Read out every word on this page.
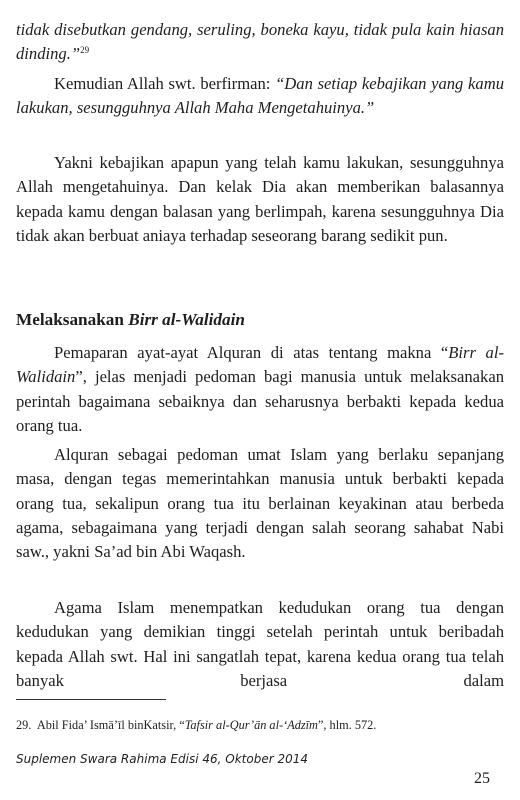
tidak disebutkan gendang, seruling, boneka kayu, tidak pula kain hiasan dinding.”$^{29}$

Kemudian Allah swt. berfirman: “Dan setiap kebajikan yang kamu lakukan, sesungguhnya Allah Maha Mengetahuinya.”

Yakni kebajikan apapun yang telah kamu lakukan, sesungguhnya Allah mengetahuinya. Dan kelak Dia akan memberikan balasannya kepada kamu dengan balasan yang berlimpah, karena sesungguhnya Dia tidak akan berbuat aniaya terhadap seseorang barang sedikit pun.

Melaksanakan Birr al-Walidain

Pemaparan ayat-ayat Alquran di atas tentang makna “Birr al-Walidain”, jelas menjadi pedoman bagi manusia untuk melaksanakan perintah bagaimana sebaiknya dan seharusnya berbakti kepada kedua orang tua.

Alquran sebagai pedoman umat Islam yang berlaku sepanjang masa, dengan tegas memerintahkan manusia untuk berbakti kepada orang tua, sekalipun orang tua itu berlainan keyakinan atau berbeda agama, sebagaimana yang terjadi dengan salah seorang sahabat Nabi saw., yakni Sa’ad bin Abi Waqash.

Agama Islam menempatkan kedudukan orang tua dengan kedudukan yang demikian tinggi setelah perintah untuk beribadah kepada Allah swt. Hal ini sangatlah tepat, karena kedua orang tua telah banyak berjasa dalam

29. Abil Fida’ Ismā’īl binKatsir, “Tafsir al-Qur’ān al-‘Adzīm”, hlm. 572.
Suplemen Swara Rahima Edisi 46, Oktober 2014
25
